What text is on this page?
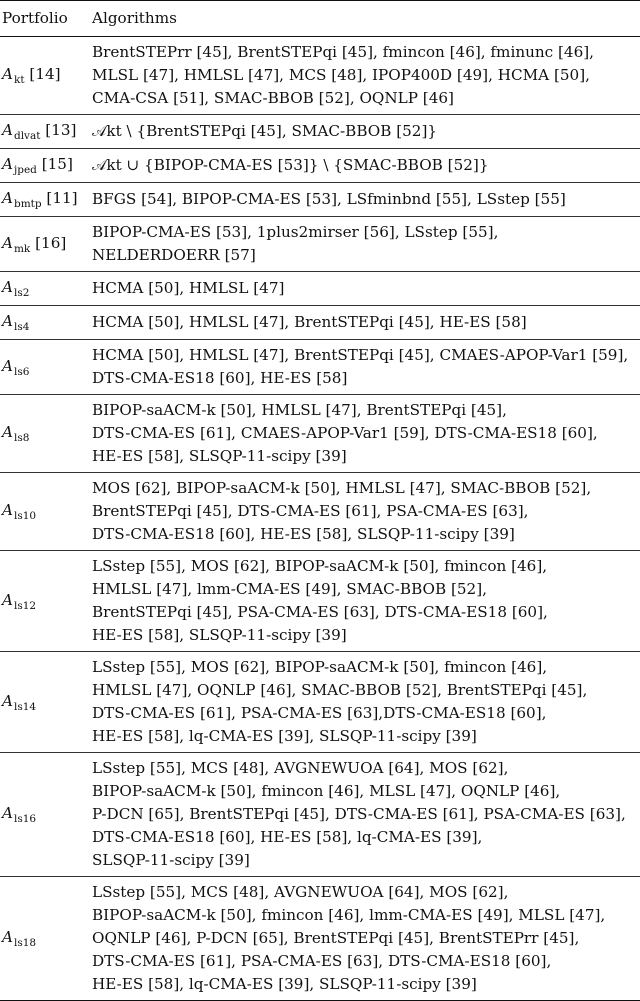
Portfolio	Algorithms
$A_{kt}$ [14]	BrentSTEPrr [45], BrentSTEPqi [45], fmincon [46], fminunc [46],
MLSL [47], HMLSL [47], MCS [48], IPOP400D [49], HCMA [50],
CMA-CSA [51], SMAC-BBOB [52], OQNLP [46]

$A_{dlvat}$ [13]	𝒜kt \ {BrentSTEPqi [45], SMAC-BBOB [52]}

$A_{jped}$ [15]	𝒜kt ∪ {BIPOP-CMA-ES [53]} \ {SMAC-BBOB [52]}

$A_{bmtp}$ [11]	BFGS [54], BIPOP-CMA-ES [53], LSfminbnd [55], LSstep [55]

$A_{mk}$ [16]	BIPOP-CMA-ES [53], 1plus2mirser [56], LSstep [55],
NELDERDOERR [57]

$A_{ls2}$	HCMA [50], HMLSL [47]

$A_{ls4}$	HCMA [50], HMLSL [47], BrentSTEPqi [45], HE-ES [58]

$A_{ls6}$	HCMA [50], HMLSL [47], BrentSTEPqi [45], CMAES-APOP-Var1 [59],
DTS-CMA-ES18 [60], HE-ES [58]

$A_{ls8}$	BIPOP-saACM-k [50], HMLSL [47], BrentSTEPqi [45],
DTS-CMA-ES [61], CMAES-APOP-Var1 [59], DTS-CMA-ES18 [60],
HE-ES [58], SLSQP-11-scipy [39]

$A_{ls10}$	MOS [62], BIPOP-saACM-k [50], HMLSL [47], SMAC-BBOB [52],
BrentSTEPqi [45], DTS-CMA-ES [61], PSA-CMA-ES [63],
DTS-CMA-ES18 [60], HE-ES [58], SLSQP-11-scipy [39]

$A_{ls12}$	LSstep [55], MOS [62], BIPOP-saACM-k [50], fmincon [46],
HMLSL [47], lmm-CMA-ES [49], SMAC-BBOB [52],
BrentSTEPqi [45], PSA-CMA-ES [63], DTS-CMA-ES18 [60],
HE-ES [58], SLSQP-11-scipy [39]

$A_{ls14}$	LSstep [55], MOS [62], BIPOP-saACM-k [50], fmincon [46],
HMLSL [47], OQNLP [46], SMAC-BBOB [52], BrentSTEPqi [45],
DTS-CMA-ES [61], PSA-CMA-ES [63],DTS-CMA-ES18 [60],
HE-ES [58], lq-CMA-ES [39], SLSQP-11-scipy [39]

$A_{ls16}$	LSstep [55], MCS [48], AVGNEWUOA [64], MOS [62],
BIPOP-saACM-k [50], fmincon [46], MLSL [47], OQNLP [46],
P-DCN [65], BrentSTEPqi [45], DTS-CMA-ES [61], PSA-CMA-ES [63],
DTS-CMA-ES18 [60], HE-ES [58], lq-CMA-ES [39],
SLSQP-11-scipy [39]

$A_{ls18}$	LSstep [55], MCS [48], AVGNEWUOA [64], MOS [62],
BIPOP-saACM-k [50], fmincon [46], lmm-CMA-ES [49], MLSL [47],
OQNLP [46], P-DCN [65], BrentSTEPqi [45], BrentSTEPrr [45],
DTS-CMA-ES [61], PSA-CMA-ES [63], DTS-CMA-ES18 [60],
HE-ES [58], lq-CMA-ES [39], SLSQP-11-scipy [39]
